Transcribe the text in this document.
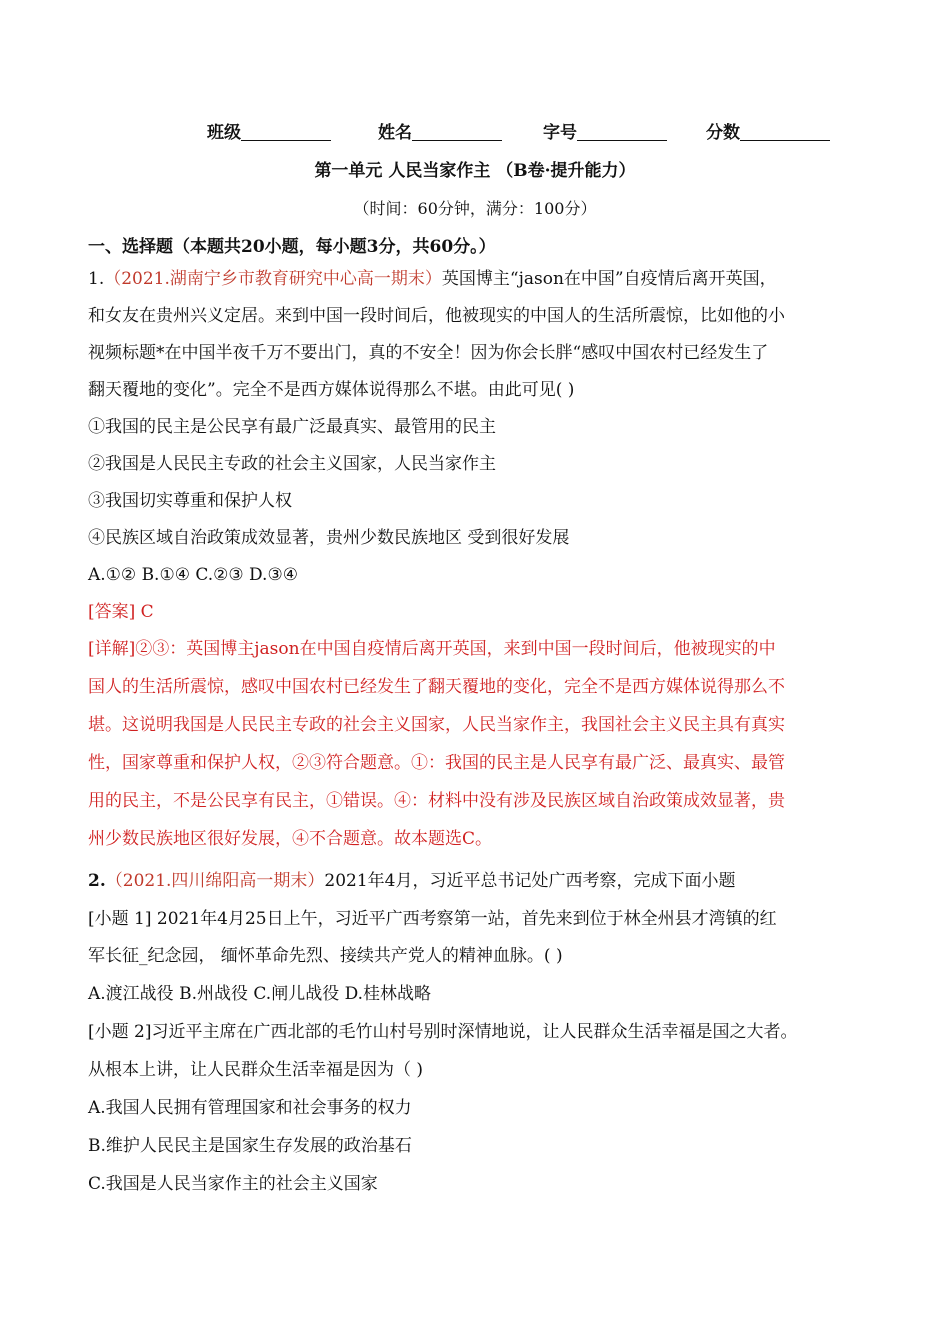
班级	姓名	字号	分数
第一单元 人民当家作主 （B卷·提升能力）
（时间：60分钟，满分：100分）
一、选择题（本题共20小题，每小题3分，共60分。）
1.（2021.湖南宁乡市教育研究中心高一期末）英国博主“jason在中国”自疫情后离开英国，
和女友在贵州兴义定居。来到中国一段时间后，他被现实的中国人的生活所震惊，比如他的小
视频标题*在中国半夜千万不要出门，真的不安全！因为你会长胖“感叹中国农村已经发生了
翻天覆地的变化”。完全不是西方媒体说得那么不堪。由此可见( )
①我国的民主是公民享有最广泛最真实、最管用的民主
②我国是人民民主专政的社会主义国家，人民当家作主
③我国切实尊重和保护人权
④民族区域自治政策成效显著，贵州少数民族地区 受到很好发展
A.①② B.①④ C.②③ D.③④
[答案] C
[详解]②③：英国博主jason在中国自疫情后离开英国，来到中国一段时间后，他被现实的中
国人的生活所震惊，感叹中国农村已经发生了翻天覆地的变化，完全不是西方媒体说得那么不
堪。这说明我国是人民民主专政的社会主义国家，人民当家作主，我国社会主义民主具有真实
性，国家尊重和保护人权，②③符合题意。①：我国的民主是人民享有最广泛、最真实、最管
用的民主，不是公民享有民主，①错误。④：材料中没有涉及民族区域自治政策成效显著，贵
州少数民族地区很好发展，④不合题意。故本题选C。
2.（2021.四川绵阳高一期末）2021年4月，习近平总书记处广西考察，完成下面小题
[小题 1] 2021年4月25日上午，习近平广西考察第一站，首先来到位于林全州县才湾镇的红
军长征_纪念园， 缅怀革命先烈、接续共产党人的精神血脉。( )
A.渡江战役 B.州战役 C.闸儿战役 D.桂林战略
[小题 2]习近平主席在广西北部的毛竹山村号别时深情地说，让人民群众生活幸福是国之大者。
从根本上讲，让人民群众生活幸福是因为（ )
A.我国人民拥有管理国家和社会事务的权力
B.维护人民民主是国家生存发展的政治基石
C.我国是人民当家作主的社会主义国家
